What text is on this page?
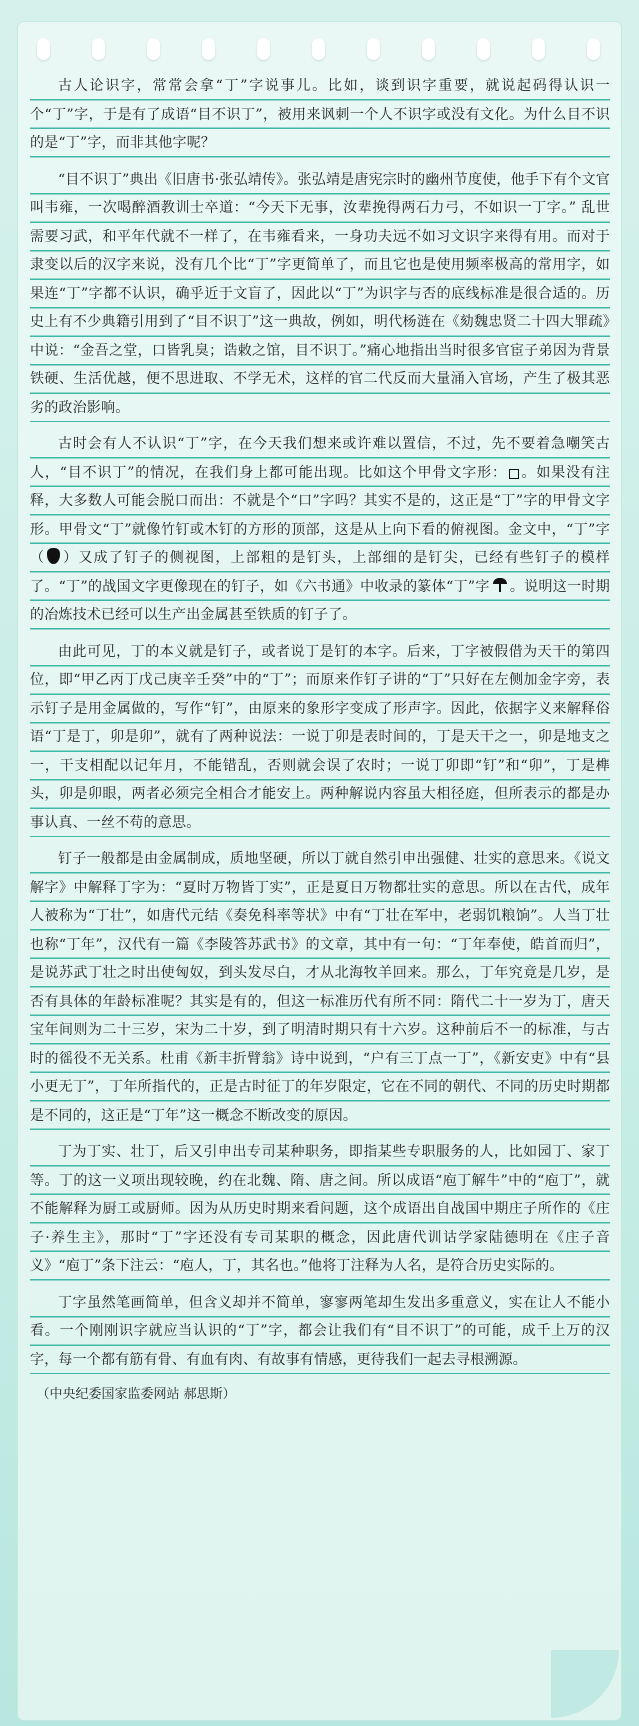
古人论识字，常常会拿“丁”字说事儿。比如，谈到识字重要，就说起码得认识一个“丁”字，于是有了成语“目不识丁”，被用来讽刺一个人不识字或没有文化。为什么目不识的是“丁”字，而非其他字呢？

“目不识丁”典出《旧唐书·张弘靖传》。张弘靖是唐宪宗时的幽州节度使，他手下有个文官叫韦雍，一次喝醉酒教训士卒道：“今天下无事，汝辈挽得两石力弓，不如识一丁字。” 乱世需要习武，和平年代就不一样了，在韦雍看来，一身功夫远不如习文识字来得有用。而对于隶变以后的汉字来说，没有几个比“丁”字更简单了，而且它也是使用频率极高的常用字，如果连“丁”字都不认识，确乎近于文盲了，因此以“丁”为识字与否的底线标准是很合适的。历史上有不少典籍引用到了“目不识丁”这一典故，例如，明代杨涟在《劾魏忠贤二十四大罪疏》中说：“金吾之堂，口皆乳臭；诰敕之馆，目不识丁。”痛心地指出当时很多官宦子弟因为背景铁硬、生活优越，便不思进取、不学无术，这样的官二代反而大量涌入官场，产生了极其恶劣的政治影响。

古时会有人不认识“丁”字，在今天我们想来或许难以置信，不过，先不要着急嘲笑古人，“目不识丁”的情况，在我们身上都可能出现。比如这个甲骨文字形： 。如果没有注释，大多数人可能会脱口而出：不就是个“口”字吗？其实不是的，这正是“丁”字的甲骨文字形。甲骨文“丁”就像竹钉或木钉的方形的顶部，这是从上向下看的俯视图。金文中，“丁”字（ ）又成了钉子的侧视图，上部粗的是钉头，上部细的是钉尖，已经有些钉子的模样了。“丁”的战国文字更像现在的钉子，如《六书通》中收录的篆体“丁”字 。说明这一时期的冶炼技术已经可以生产出金属甚至铁质的钉子了。

由此可见，丁的本义就是钉子，或者说丁是钉的本字。后来，丁字被假借为天干的第四位，即“甲乙丙丁戊己庚辛壬癸”中的“丁”；而原来作钉子讲的“丁”只好在左侧加金字旁，表示钉子是用金属做的，写作“钉”，由原来的象形字变成了形声字。因此，依据字义来解释俗语“丁是丁，卯是卯”，就有了两种说法：一说丁卯是表时间的，丁是天干之一，卯是地支之一，干支相配以记年月，不能错乱，否则就会误了农时；一说丁卯即“钉”和“卯”，丁是榫头，卯是卯眼，两者必须完全相合才能安上。两种解说内容虽大相径庭，但所表示的都是办事认真、一丝不苟的意思。

钉子一般都是由金属制成，质地坚硬，所以丁就自然引申出强健、壮实的意思来。《说文解字》中解释丁字为：“夏时万物皆丁实”，正是夏日万物都壮实的意思。所以在古代，成年人被称为“丁壮”，如唐代元结《奏免科率等状》中有“丁壮在军中，老弱饥粮饷”。人当丁壮也称“丁年”，汉代有一篇《李陵答苏武书》的文章，其中有一句：“丁年奉使，皓首而归”，是说苏武丁壮之时出使匈奴，到头发尽白，才从北海牧羊回来。那么，丁年究竟是几岁，是否有具体的年龄标准呢？其实是有的，但这一标准历代有所不同：隋代二十一岁为丁，唐天宝年间则为二十三岁，宋为二十岁，到了明清时期只有十六岁。这种前后不一的标准，与古时的徭役不无关系。杜甫《新丰折臂翁》诗中说到，“户有三丁点一丁”，《新安吏》中有“县小更无丁”，丁年所指代的，正是古时征丁的年岁限定，它在不同的朝代、不同的历史时期都是不同的，这正是“丁年”这一概念不断改变的原因。

丁为丁实、壮丁，后又引申出专司某种职务，即指某些专职服务的人，比如园丁、家丁等。丁的这一义项出现较晚，约在北魏、隋、唐之间。所以成语“庖丁解牛”中的“庖丁”，就不能解释为厨工或厨师。因为从历史时期来看问题，这个成语出自战国中期庄子所作的《庄子·养生主》，那时“丁”字还没有专司某职的概念，因此唐代训诂学家陆德明在《庄子音义》“庖丁”条下注云：“庖人，丁，其名也。”他将丁注释为人名，是符合历史实际的。

丁字虽然笔画简单，但含义却并不简单，寥寥两笔却生发出多重意义，实在让人不能小看。一个刚刚识字就应当认识的“丁”字，都会让我们有“目不识丁”的可能，成千上万的汉字，每一个都有筋有骨、有血有肉、有故事有情感，更待我们一起去寻根溯源。

（中央纪委国家监委网站 郝思斯）
